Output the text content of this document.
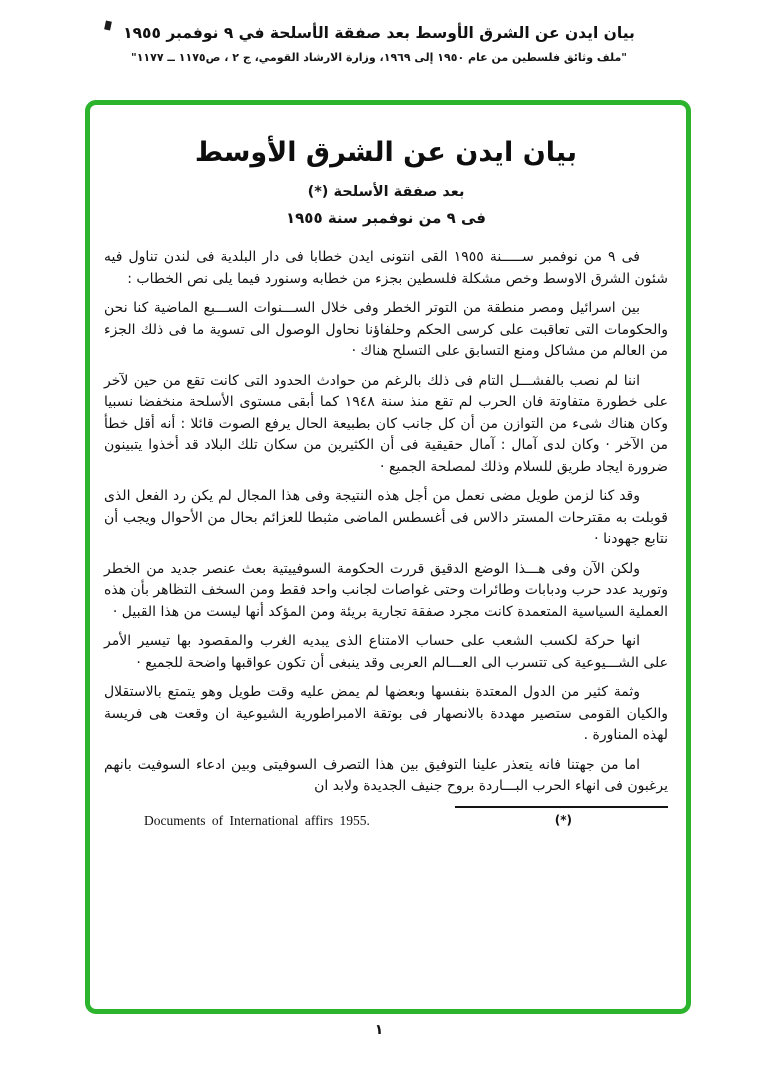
بيان ايدن عن الشرق الأوسط بعد صفقة الأسلحة في ٩ نوفمبر ١٩٥٥
"ملف وثائق فلسطين من عام ١٩٥٠ إلى ١٩٦٩، وزارة الارشاد القومي، ج ٢ ، ص١١٧٥ ــ ١١٧٧"
بيان ايدن عن الشرق الأوسط
بعد صفقة الأسلحة (*)
فى ٩ من نوفمبر سنة ١٩٥٥

فى ٩ من نوفمبر ســـــنة ١٩٥٥ القى انتونى ايدن خطابا فى دار البلدية فى لندن تناول فيه شئون الشرق الاوسط وخص مشكلة فلسطين بجزء من خطابه وسنورد فيما يلى نص الخطاب :

بين اسرائيل ومصر منطقة من التوتر الخطر وفى خلال الســـنوات الســـبع الماضية كنا نحن والحكومات التى تعاقبت على كرسى الحكم وحلفاؤنا نحاول الوصول الى تسوية ما فى ذلك الجزء من العالم من مشاكل ومنع التسابق على التسلح هناك ·

اننا لم نصب بالفشـــل التام فى ذلك بالرغم من حوادث الحدود التى كانت تقع من حين لآخر على خطورة متفاوتة فان الحرب لم تقع منذ سنة ١٩٤٨ كما أبقى مستوى الأسلحة منخفضا نسبيا وكان هناك شىء من التوازن من أن كل جانب كان بطبيعة الحال يرفع الصوت قائلا : أنه أقل خطأ من الآخر · وكان لدى آمال : آمال حقيقية فى أن الكثيرين من سكان تلك البلاد قد أخذوا يتبينون ضرورة ايجاد طريق للسلام وذلك لمصلحة الجميع ·

وقد كنا لزمن طويل مضى نعمل من أجل هذه النتيجة وفى هذا المجال لم يكن رد الفعل الذى قوبلت به مقترحات المستر دالاس فى أغسطس الماضى مثبطا للعزائم بحال من الأحوال ويجب أن نتابع جهودنا ·

ولكن الآن وفى هـــذا الوضع الدقيق قررت الحكومة السوفييتية بعث عنصر جديد من الخطر وتوريد عدد حرب ودبابات وطائرات وحتى غواصات لجانب واحد فقط ومن السخف التظاهر بأن هذه العملية السياسية المتعمدة كانت مجرد صفقة تجارية بريئة ومن المؤكد أنها ليست من هذا القبيل ·

انها حركة لكسب الشعب على حساب الامتناع الذى يبديه الغرب والمقصود بها تيسير الأمر على الشـــيوعية كى تتسرب الى العـــالم العربى وقد ينبغى أن تكون عواقبها واضحة للجميع ·

وثمة كثير من الدول المعتدة بنفسها وبعضها لم يمض عليه وقت طويل وهو يتمتع بالاستقلال والكيان القومى ستصير مهددة بالانصهار فى بوتقة الامبراطورية الشيوعية ان وقعت هى فريسة لهذه المناورة .

اما من جهتنا فانه يتعذر علينا التوفيق بين هذا التصرف السوفيتى وبين ادعاء السوفيت بانهم يرغبون فى انهاء الحرب البـــاردة بروح جنيف الجديدة ولابد ان

Documents of International affirs 1955.	(*)
١
